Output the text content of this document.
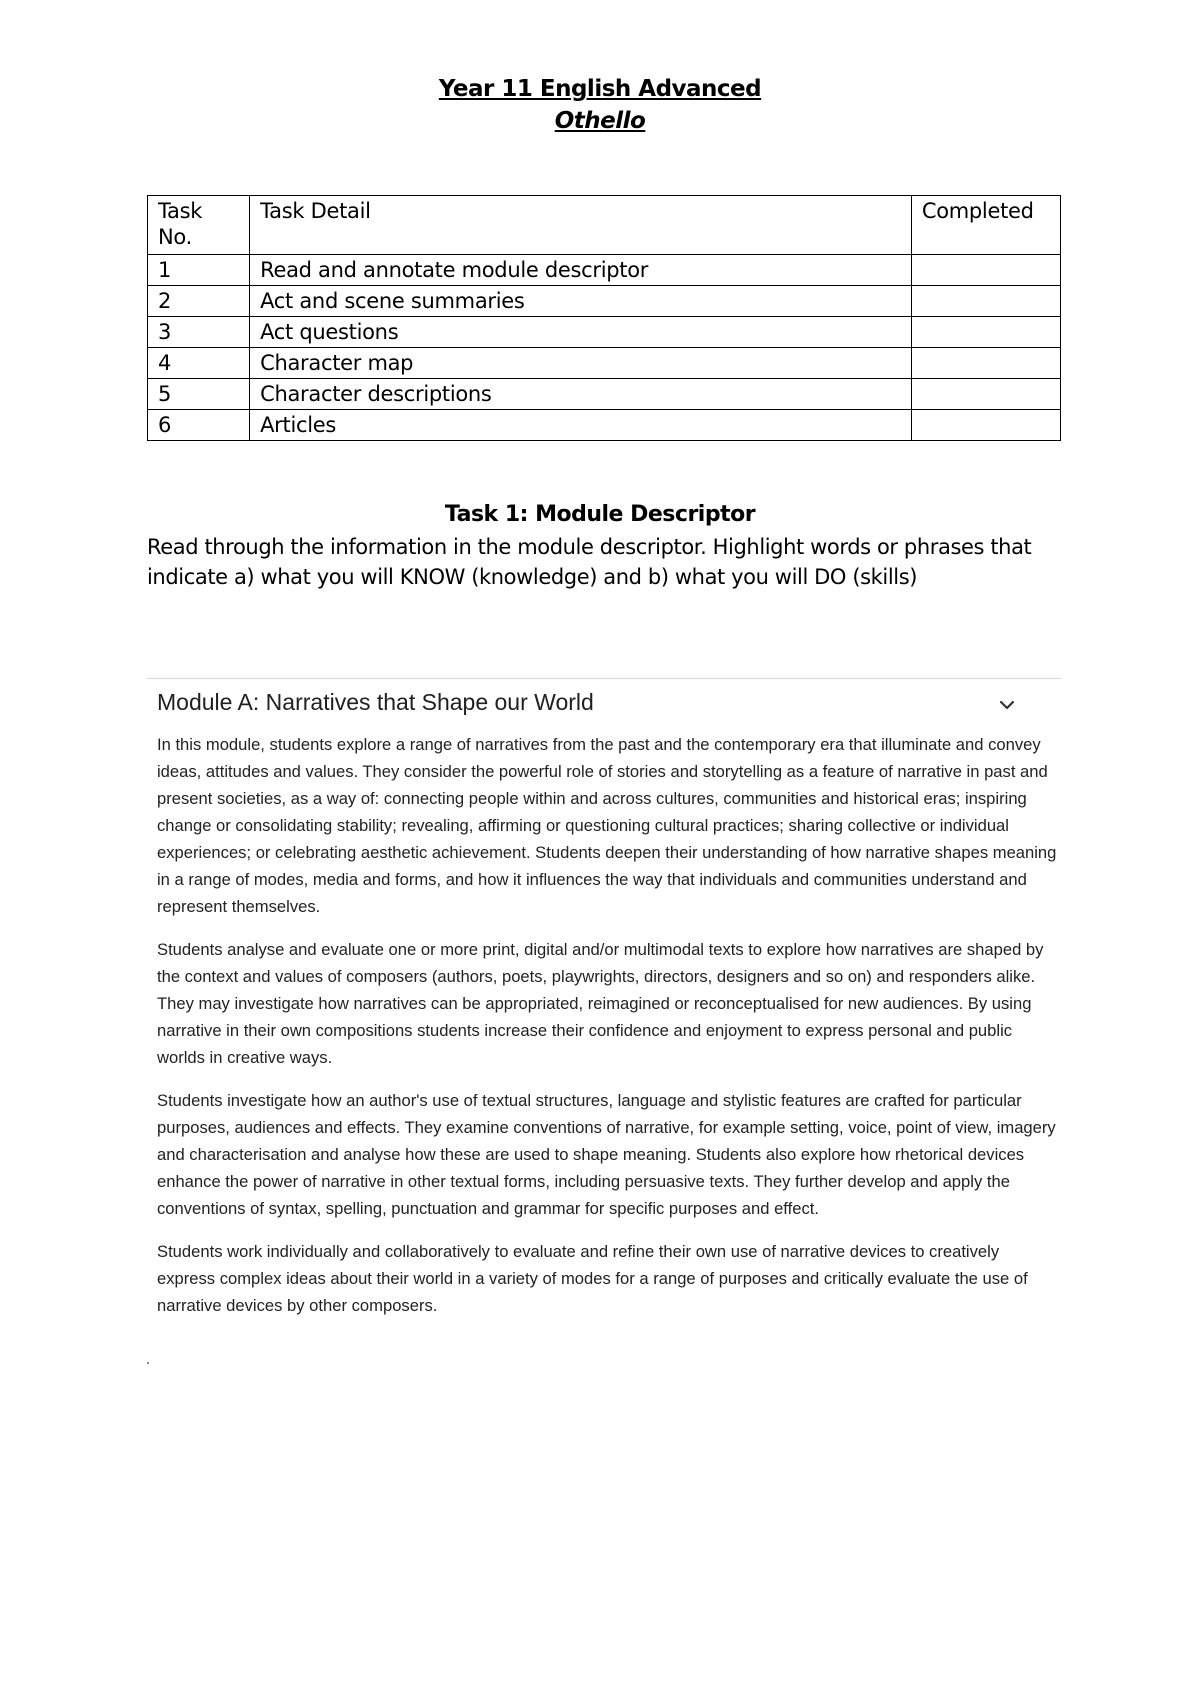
Year 11 English Advanced
Othello
Task No.	Task Detail	Completed
1	Read and annotate module descriptor	
2	Act and scene summaries	
3	Act questions	
4	Character map	
5	Character descriptions	
6	Articles	
Task 1: Module Descriptor
Read through the information in the module descriptor. Highlight words or phrases that indicate a) what you will KNOW (knowledge) and b) what you will DO (skills)
Module A: Narratives that Shape our World

In this module, students explore a range of narratives from the past and the contemporary era that illuminate and convey ideas, attitudes and values. They consider the powerful role of stories and storytelling as a feature of narrative in past and present societies, as a way of: connecting people within and across cultures, communities and historical eras; inspiring change or consolidating stability; revealing, affirming or questioning cultural practices; sharing collective or individual experiences; or celebrating aesthetic achievement. Students deepen their understanding of how narrative shapes meaning in a range of modes, media and forms, and how it influences the way that individuals and communities understand and represent themselves.

Students analyse and evaluate one or more print, digital and/or multimodal texts to explore how narratives are shaped by the context and values of composers (authors, poets, playwrights, directors, designers and so on) and responders alike. They may investigate how narratives can be appropriated, reimagined or reconceptualised for new audiences. By using narrative in their own compositions students increase their confidence and enjoyment to express personal and public worlds in creative ways.

Students investigate how an author's use of textual structures, language and stylistic features are crafted for particular purposes, audiences and effects. They examine conventions of narrative, for example setting, voice, point of view, imagery and characterisation and analyse how these are used to shape meaning. Students also explore how rhetorical devices enhance the power of narrative in other textual forms, including persuasive texts. They further develop and apply the conventions of syntax, spelling, punctuation and grammar for specific purposes and effect.

Students work individually and collaboratively to evaluate and refine their own use of narrative devices to creatively express complex ideas about their world in a variety of modes for a range of purposes and critically evaluate the use of narrative devices by other composers.
